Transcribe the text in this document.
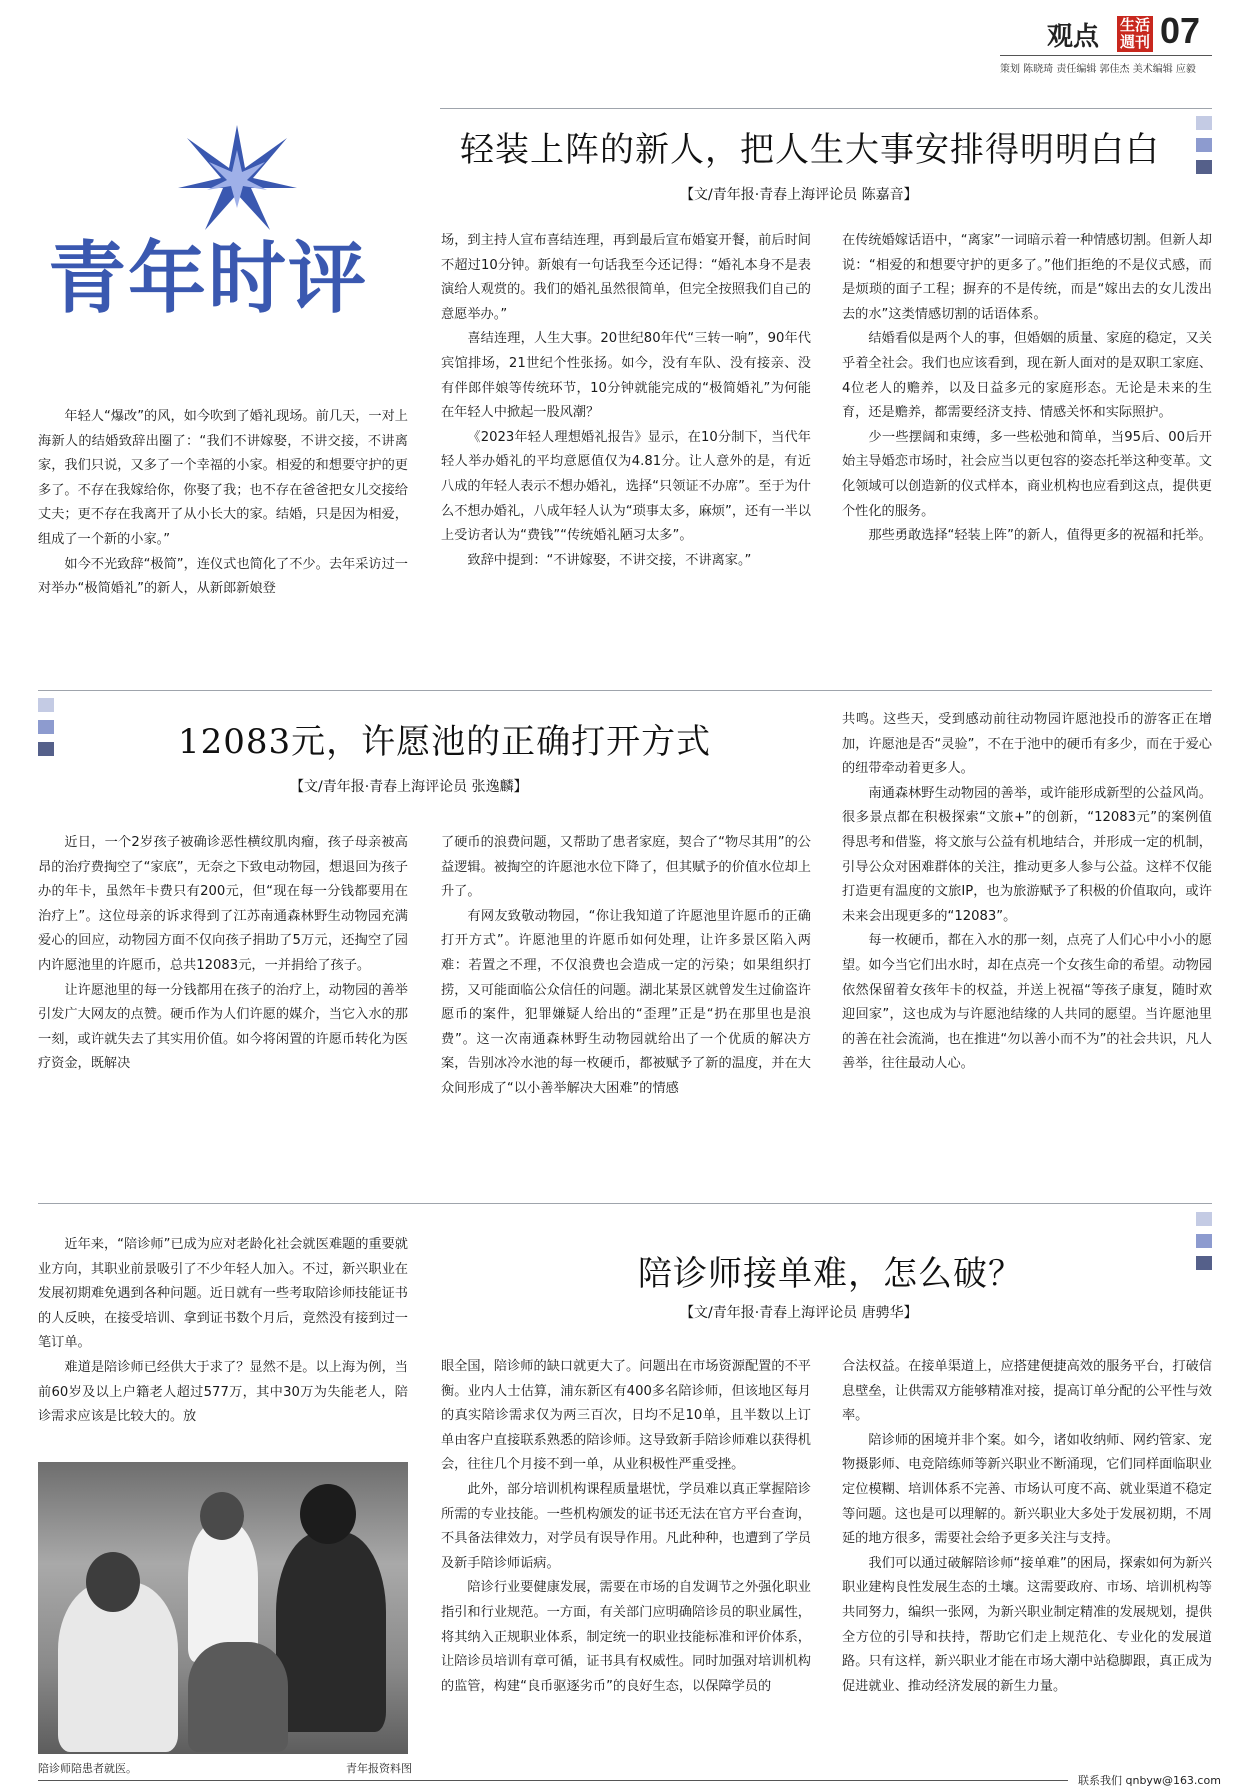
观点 生活
週刊 07
策划 陈晓琦 责任编辑 郭佳杰 美术编辑 应毅
青年时评
轻装上阵的新人，把人生大事安排得明明白白
【文/青年报·青春上海评论员 陈嘉音】

年轻人“爆改”的风，如今吹到了婚礼现场。前几天，一对上海新人的结婚致辞出圈了：“我们不讲嫁娶，不讲交接，不讲离家，我们只说，又多了一个幸福的小家。相爱的和想要守护的更多了。不存在我嫁给你，你娶了我；也不存在爸爸把女儿交接给丈夫；更不存在我离开了从小长大的家。结婚，只是因为相爱，组成了一个新的小家。”

如今不光致辞“极简”，连仪式也简化了不少。去年采访过一对举办“极简婚礼”的新人，从新郎新娘登

场，到主持人宣布喜结连理，再到最后宣布婚宴开餐，前后时间不超过10分钟。新娘有一句话我至今还记得：“婚礼本身不是表演给人观赏的。我们的婚礼虽然很简单，但完全按照我们自己的意愿举办。”

喜结连理，人生大事。20世纪80年代“三转一响”，90年代宾馆排场，21世纪个性张扬。如今，没有车队、没有接亲、没有伴郎伴娘等传统环节，10分钟就能完成的“极简婚礼”为何能在年轻人中掀起一股风潮？

《2023年轻人理想婚礼报告》显示，在10分制下，当代年轻人举办婚礼的平均意愿值仅为4.81分。让人意外的是，有近八成的年轻人表示不想办婚礼，选择“只领证不办席”。至于为什么不想办婚礼，八成年轻人认为“琐事太多，麻烦”，还有一半以上受访者认为“费钱”“传统婚礼陋习太多”。

致辞中提到：“不讲嫁娶，不讲交接，不讲离家。”

在传统婚嫁话语中，“离家”一词暗示着一种情感切割。但新人却说：“相爱的和想要守护的更多了。”他们拒绝的不是仪式感，而是烦琐的面子工程；摒弃的不是传统，而是“嫁出去的女儿泼出去的水”这类情感切割的话语体系。

结婚看似是两个人的事，但婚姻的质量、家庭的稳定，又关乎着全社会。我们也应该看到，现在新人面对的是双职工家庭、4位老人的赡养，以及日益多元的家庭形态。无论是未来的生育，还是赡养，都需要经济支持、情感关怀和实际照护。

少一些摆阔和束缚，多一些松弛和简单，当95后、00后开始主导婚恋市场时，社会应当以更包容的姿态托举这种变革。文化领域可以创造新的仪式样本，商业机构也应看到这点，提供更个性化的服务。

那些勇敢选择“轻装上阵”的新人，值得更多的祝福和托举。

12083元，许愿池的正确打开方式
【文/青年报·青春上海评论员 张逸麟】

近日，一个2岁孩子被确诊恶性横纹肌肉瘤，孩子母亲被高昂的治疗费掏空了“家底”，无奈之下致电动物园，想退回为孩子办的年卡，虽然年卡费只有200元，但“现在每一分钱都要用在治疗上”。这位母亲的诉求得到了江苏南通森林野生动物园充满爱心的回应，动物园方面不仅向孩子捐助了5万元，还掏空了园内许愿池里的许愿币，总共12083元，一并捐给了孩子。

让许愿池里的每一分钱都用在孩子的治疗上，动物园的善举引发广大网友的点赞。硬币作为人们许愿的媒介，当它入水的那一刻，或许就失去了其实用价值。如今将闲置的许愿币转化为医疗资金，既解决

了硬币的浪费问题，又帮助了患者家庭，契合了“物尽其用”的公益逻辑。被掏空的许愿池水位下降了，但其赋予的价值水位却上升了。

有网友致敬动物园，“你让我知道了许愿池里许愿币的正确打开方式”。许愿池里的许愿币如何处理，让许多景区陷入两难：若置之不理，不仅浪费也会造成一定的污染；如果组织打捞，又可能面临公众信任的问题。湖北某景区就曾发生过偷盗许愿币的案件，犯罪嫌疑人给出的“歪理”正是“扔在那里也是浪费”。这一次南通森林野生动物园就给出了一个优质的解决方案，告别冰冷水池的每一枚硬币，都被赋予了新的温度，并在大众间形成了“以小善举解决大困难”的情感

共鸣。这些天，受到感动前往动物园许愿池投币的游客正在增加，许愿池是否“灵验”，不在于池中的硬币有多少，而在于爱心的纽带牵动着更多人。

南通森林野生动物园的善举，或许能形成新型的公益风尚。很多景点都在积极探索“文旅+”的创新，“12083元”的案例值得思考和借鉴，将文旅与公益有机地结合，并形成一定的机制，引导公众对困难群体的关注，推动更多人参与公益。这样不仅能打造更有温度的文旅IP，也为旅游赋予了积极的价值取向，或许未来会出现更多的“12083”。

每一枚硬币，都在入水的那一刻，点亮了人们心中小小的愿望。如今当它们出水时，却在点亮一个女孩生命的希望。动物园依然保留着女孩年卡的权益，并送上祝福“等孩子康复，随时欢迎回家”，这也成为与许愿池结缘的人共同的愿望。当许愿池里的善在社会流淌，也在推进“勿以善小而不为”的社会共识，凡人善举，往往最动人心。

陪诊师接单难，怎么破？
【文/青年报·青春上海评论员 唐骋华】

近年来，“陪诊师”已成为应对老龄化社会就医难题的重要就业方向，其职业前景吸引了不少年轻人加入。不过，新兴职业在发展初期难免遇到各种问题。近日就有一些考取陪诊师技能证书的人反映，在接受培训、拿到证书数个月后，竟然没有接到过一笔订单。

难道是陪诊师已经供大于求了？显然不是。以上海为例，当前60岁及以上户籍老人超过577万，其中30万为失能老人，陪诊需求应该是比较大的。放

陪诊师陪患者就医。	青年报资料图

眼全国，陪诊师的缺口就更大了。问题出在市场资源配置的不平衡。业内人士估算，浦东新区有400多名陪诊师，但该地区每月的真实陪诊需求仅为两三百次，日均不足10单，且半数以上订单由客户直接联系熟悉的陪诊师。这导致新手陪诊师难以获得机会，往往几个月接不到一单，从业积极性严重受挫。

此外，部分培训机构课程质量堪忧，学员难以真正掌握陪诊所需的专业技能。一些机构颁发的证书还无法在官方平台查询，不具备法律效力，对学员有误导作用。凡此种种，也遭到了学员及新手陪诊师诟病。

陪诊行业要健康发展，需要在市场的自发调节之外强化职业指引和行业规范。一方面，有关部门应明确陪诊员的职业属性，将其纳入正规职业体系，制定统一的职业技能标准和评价体系，让陪诊员培训有章可循，证书具有权威性。同时加强对培训机构的监管，构建“良币驱逐劣币”的良好生态，以保障学员的

合法权益。在接单渠道上，应搭建便捷高效的服务平台，打破信息壁垒，让供需双方能够精准对接，提高订单分配的公平性与效率。

陪诊师的困境并非个案。如今，诸如收纳师、网约管家、宠物摄影师、电竞陪练师等新兴职业不断涌现，它们同样面临职业定位模糊、培训体系不完善、市场认可度不高、就业渠道不稳定等问题。这也是可以理解的。新兴职业大多处于发展初期，不周延的地方很多，需要社会给予更多关注与支持。

我们可以通过破解陪诊师“接单难”的困局，探索如何为新兴职业建构良性发展生态的土壤。这需要政府、市场、培训机构等共同努力，编织一张网，为新兴职业制定精准的发展规划，提供全方位的引导和扶持，帮助它们走上规范化、专业化的发展道路。只有这样，新兴职业才能在市场大潮中站稳脚跟，真正成为促进就业、推动经济发展的新生力量。

联系我们 qnbyw@163.com
